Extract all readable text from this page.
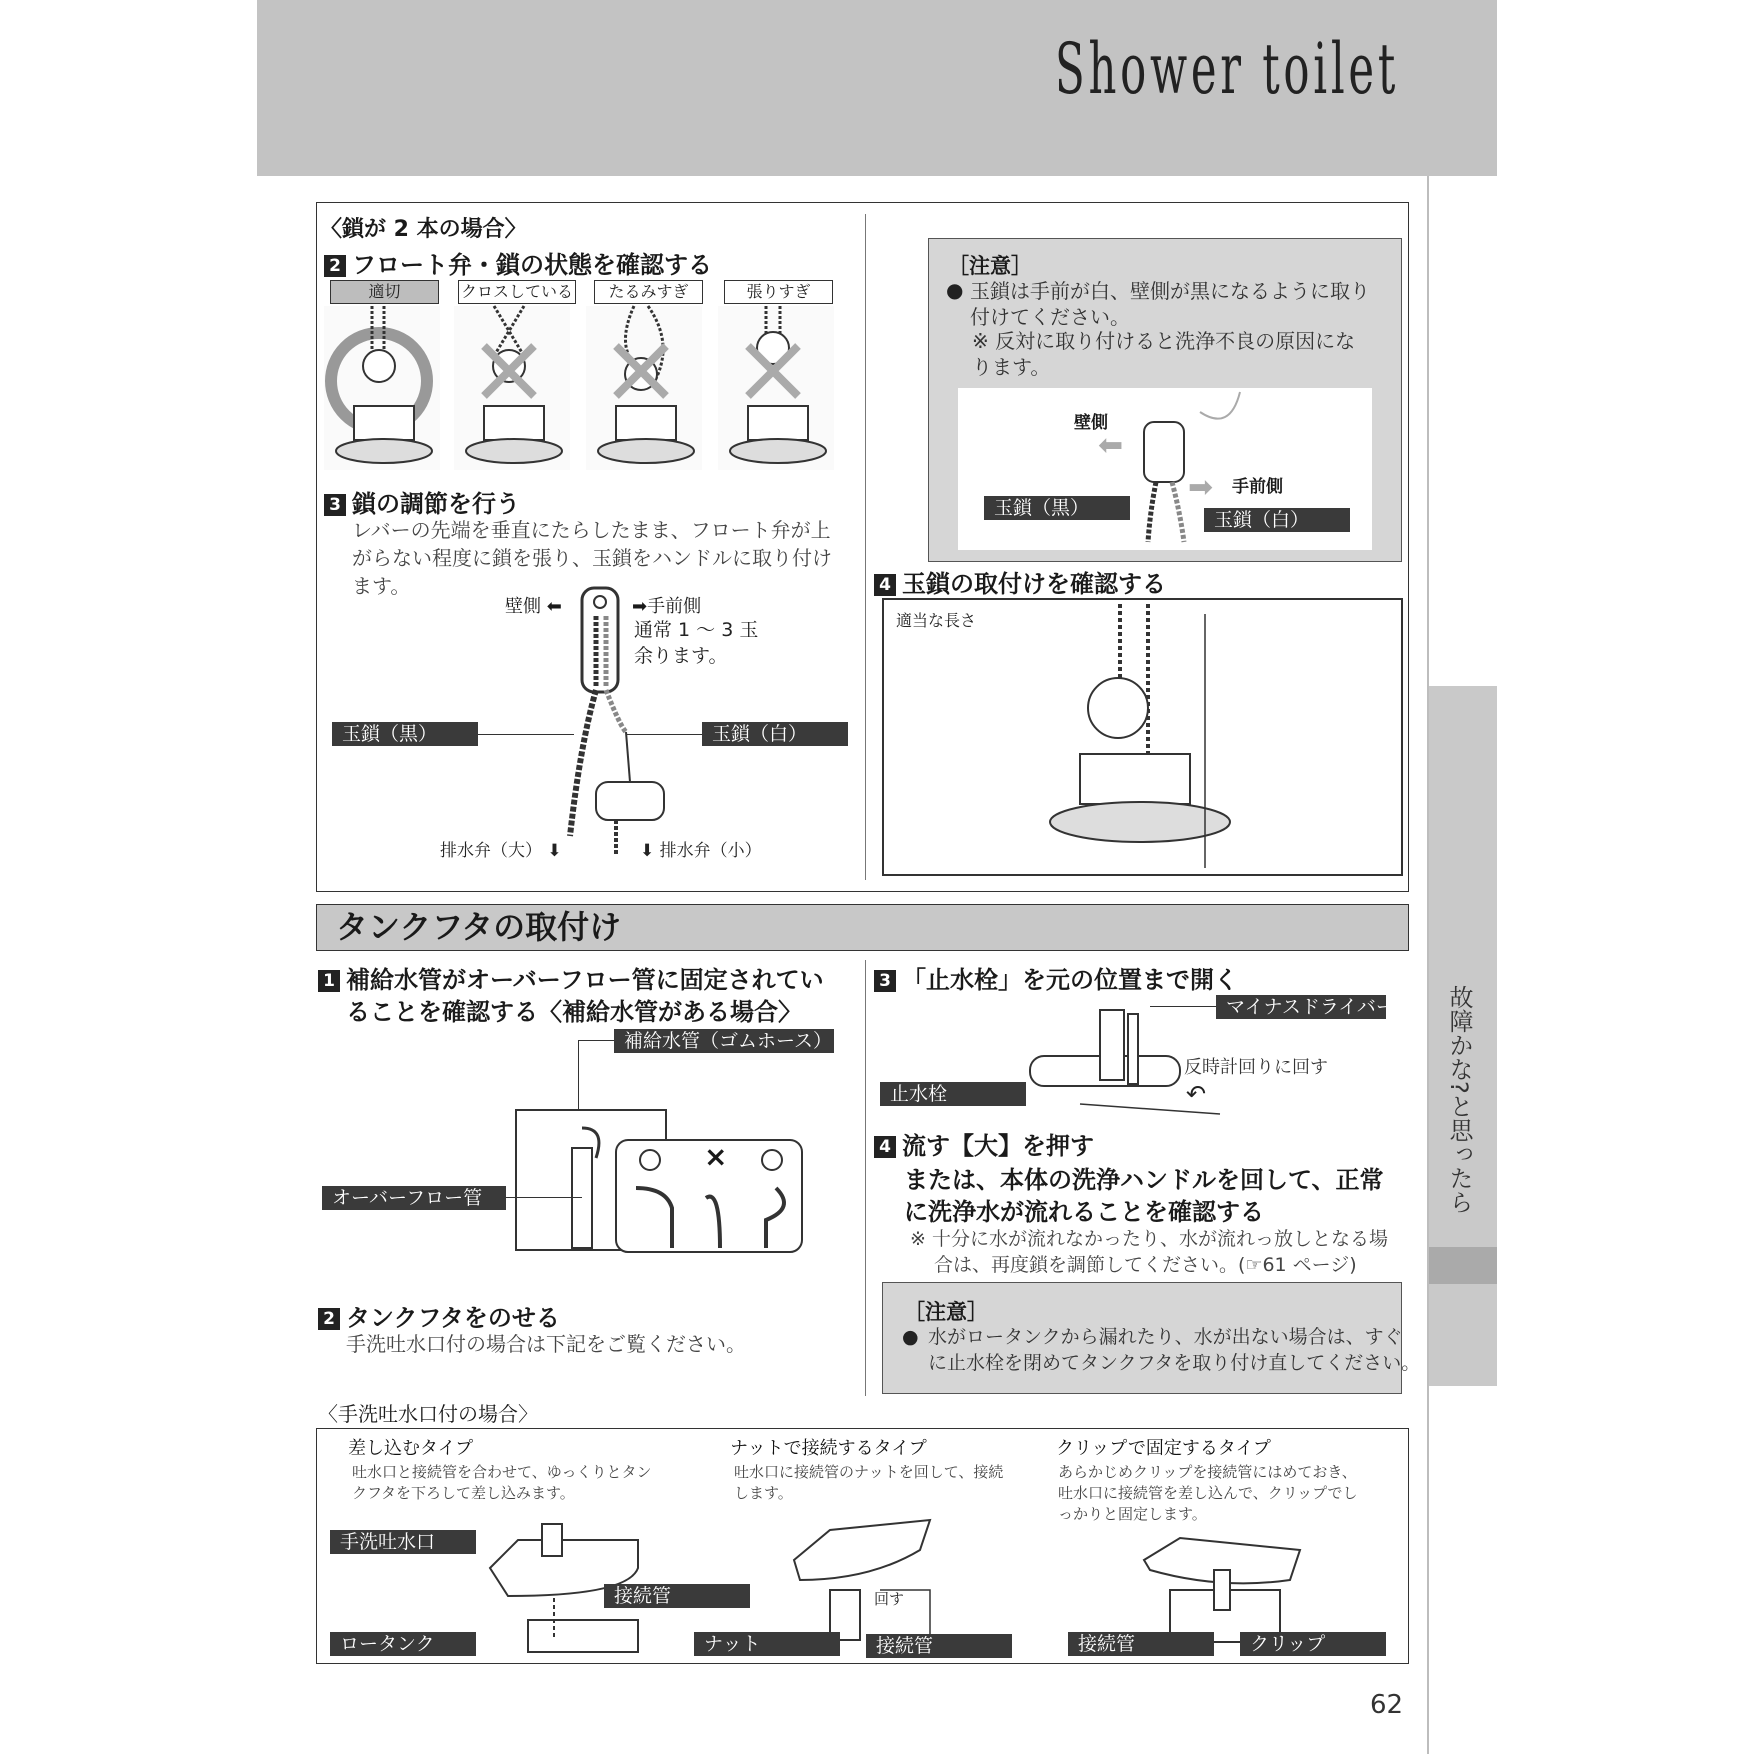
Shower toilet
故障かな?と思ったら
〈鎖が 2 本の場合〉
2 フロート弁・鎖の状態を確認する
適切	クロスしている	たるみすぎ	張りすぎ
3 鎖の調節を行う
レバーの先端を垂直にたらしたまま、フロート弁が上がらない程度に鎖を張り、玉鎖をハンドルに取り付けます。
壁側 ⬅	➡手前側
通常 1 ～ 3 玉
余ります。
玉鎖（黒）	玉鎖（白）
排水弁（大） ⬇	⬇ 排水弁（小）
［注意］
● 玉鎖は手前が白、壁側が黒になるように取り付けてください。
※ 反対に取り付けると洗浄不良の原因になります。
壁側
⬅
➡ 手前側
玉鎖（黒）
玉鎖（白）
4 玉鎖の取付けを確認する
適当な長さ
タンクフタの取付け
1 補給水管がオーバーフロー管に固定されてい
ることを確認する〈補給水管がある場合〉
補給水管（ゴムホース）
×
オーバーフロー管
2 タンクフタをのせる
手洗吐水口付の場合は下記をご覧ください。
3 「止水栓」を元の位置まで開く
マイナスドライバー
反時計回りに回す
↶
止水栓
4 流す【大】を押す
または、本体の洗浄ハンドルを回して、正常
に洗浄水が流れることを確認する
※ 十分に水が流れなかったり、水が流れっ放しとなる場
合は、再度鎖を調節してください。(☞61 ページ)
［注意］
● 水がロータンクから漏れたり、水が出ない場合は、すぐ
に止水栓を閉めてタンクフタを取り付け直してください。
〈手洗吐水口付の場合〉
差し込むタイプ
吐水口と接続管を合わせて、ゆっくりとタンクフタを下ろして差し込みます。
手洗吐水口
接続管
ロータンク
ナットで接続するタイプ
吐水口に接続管のナットを回して、接続します。
回す
ナット	接続管
クリップで固定するタイプ
あらかじめクリップを接続管にはめておき、吐水口に接続管を差し込んで、クリップでしっかりと固定します。
接続管	クリップ
62
